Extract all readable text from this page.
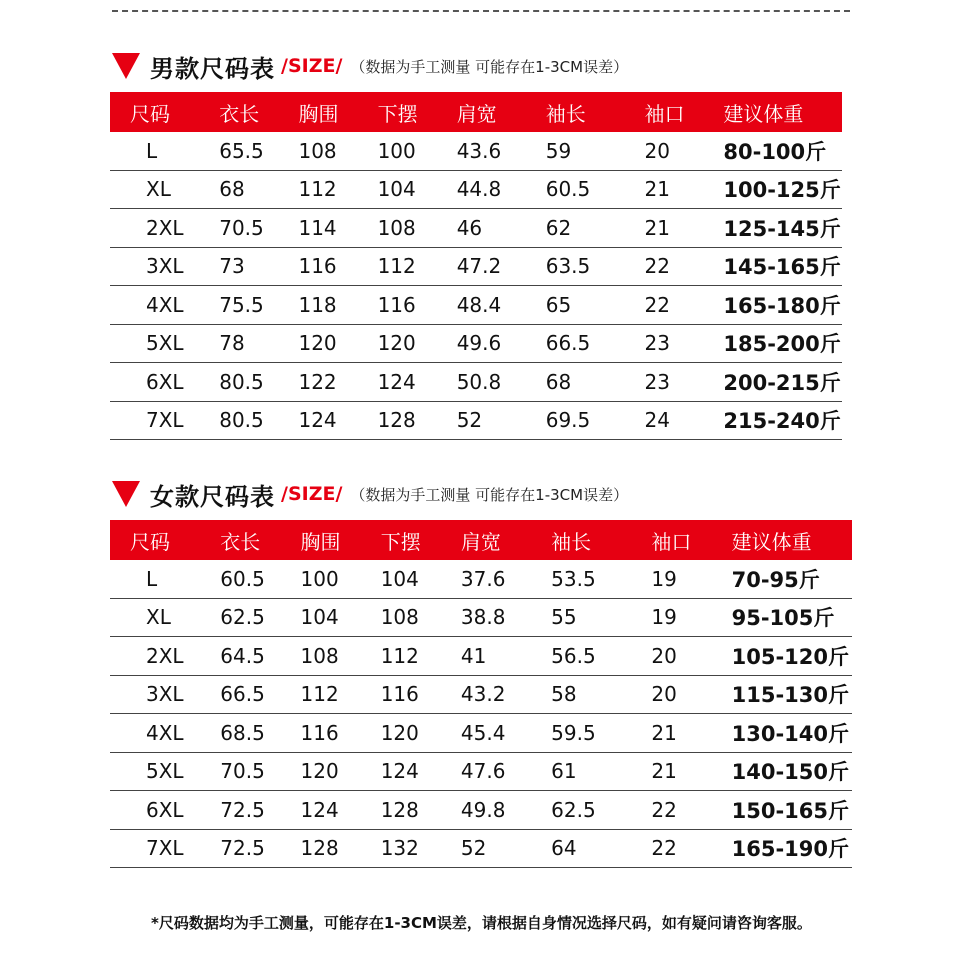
男款尺码表 /SIZE/ （数据为手工测量 可能存在1-3CM误差）
尺码	衣长	胸围	下摆	肩宽	袖长	袖口	建议体重
L	65.5	108	100	43.6	59	20	80-100斤
XL	68	112	104	44.8	60.5	21	100-125斤
2XL	70.5	114	108	46	62	21	125-145斤
3XL	73	116	112	47.2	63.5	22	145-165斤
4XL	75.5	118	116	48.4	65	22	165-180斤
5XL	78	120	120	49.6	66.5	23	185-200斤
6XL	80.5	122	124	50.8	68	23	200-215斤
7XL	80.5	124	128	52	69.5	24	215-240斤
女款尺码表 /SIZE/ （数据为手工测量 可能存在1-3CM误差）
尺码	衣长	胸围	下摆	肩宽	袖长	袖口	建议体重
L	60.5	100	104	37.6	53.5	19	70-95斤
XL	62.5	104	108	38.8	55	19	95-105斤
2XL	64.5	108	112	41	56.5	20	105-120斤
3XL	66.5	112	116	43.2	58	20	115-130斤
4XL	68.5	116	120	45.4	59.5	21	130-140斤
5XL	70.5	120	124	47.6	61	21	140-150斤
6XL	72.5	124	128	49.8	62.5	22	150-165斤
7XL	72.5	128	132	52	64	22	165-190斤
*尺码数据均为手工测量，可能存在1-3CM误差，请根据自身情况选择尺码，如有疑问请咨询客服。
